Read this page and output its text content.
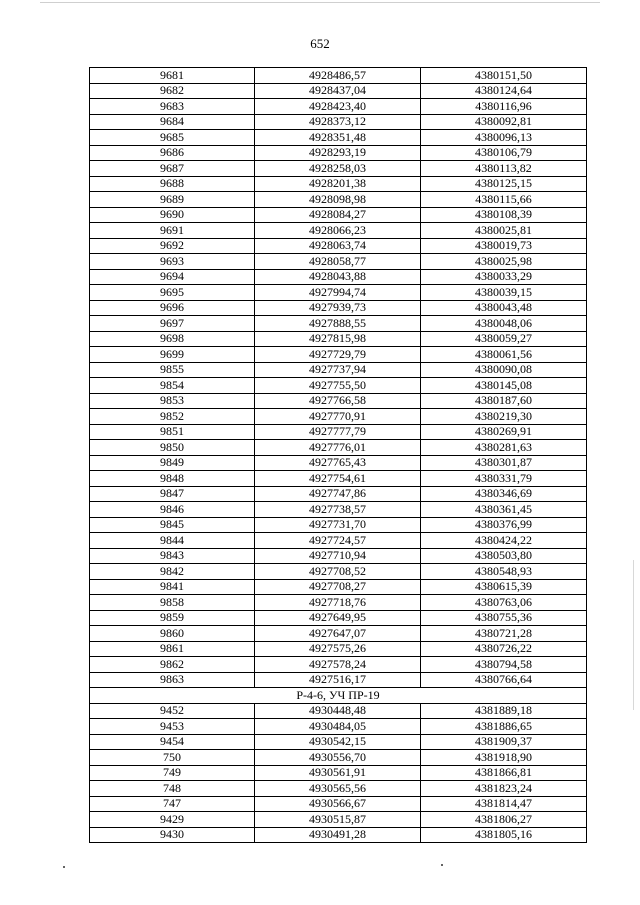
652
9681	4928486,57	4380151,50
9682	4928437,04	4380124,64
9683	4928423,40	4380116,96
9684	4928373,12	4380092,81
9685	4928351,48	4380096,13
9686	4928293,19	4380106,79
9687	4928258,03	4380113,82
9688	4928201,38	4380125,15
9689	4928098,98	4380115,66
9690	4928084,27	4380108,39
9691	4928066,23	4380025,81
9692	4928063,74	4380019,73
9693	4928058,77	4380025,98
9694	4928043,88	4380033,29
9695	4927994,74	4380039,15
9696	4927939,73	4380043,48
9697	4927888,55	4380048,06
9698	4927815,98	4380059,27
9699	4927729,79	4380061,56
9855	4927737,94	4380090,08
9854	4927755,50	4380145,08
9853	4927766,58	4380187,60
9852	4927770,91	4380219,30
9851	4927777,79	4380269,91
9850	4927776,01	4380281,63
9849	4927765,43	4380301,87
9848	4927754,61	4380331,79
9847	4927747,86	4380346,69
9846	4927738,57	4380361,45
9845	4927731,70	4380376,99
9844	4927724,57	4380424,22
9843	4927710,94	4380503,80
9842	4927708,52	4380548,93
9841	4927708,27	4380615,39
9858	4927718,76	4380763,06
9859	4927649,95	4380755,36
9860	4927647,07	4380721,28
9861	4927575,26	4380726,22
9862	4927578,24	4380794,58
9863	4927516,17	4380766,64
Р-4-6, УЧ ПР-19		
9452	4930448,48	4381889,18
9453	4930484,05	4381886,65
9454	4930542,15	4381909,37
750	4930556,70	4381918,90
749	4930561,91	4381866,81
748	4930565,56	4381823,24
747	4930566,67	4381814,47
9429	4930515,87	4381806,27
9430	4930491,28	4381805,16
